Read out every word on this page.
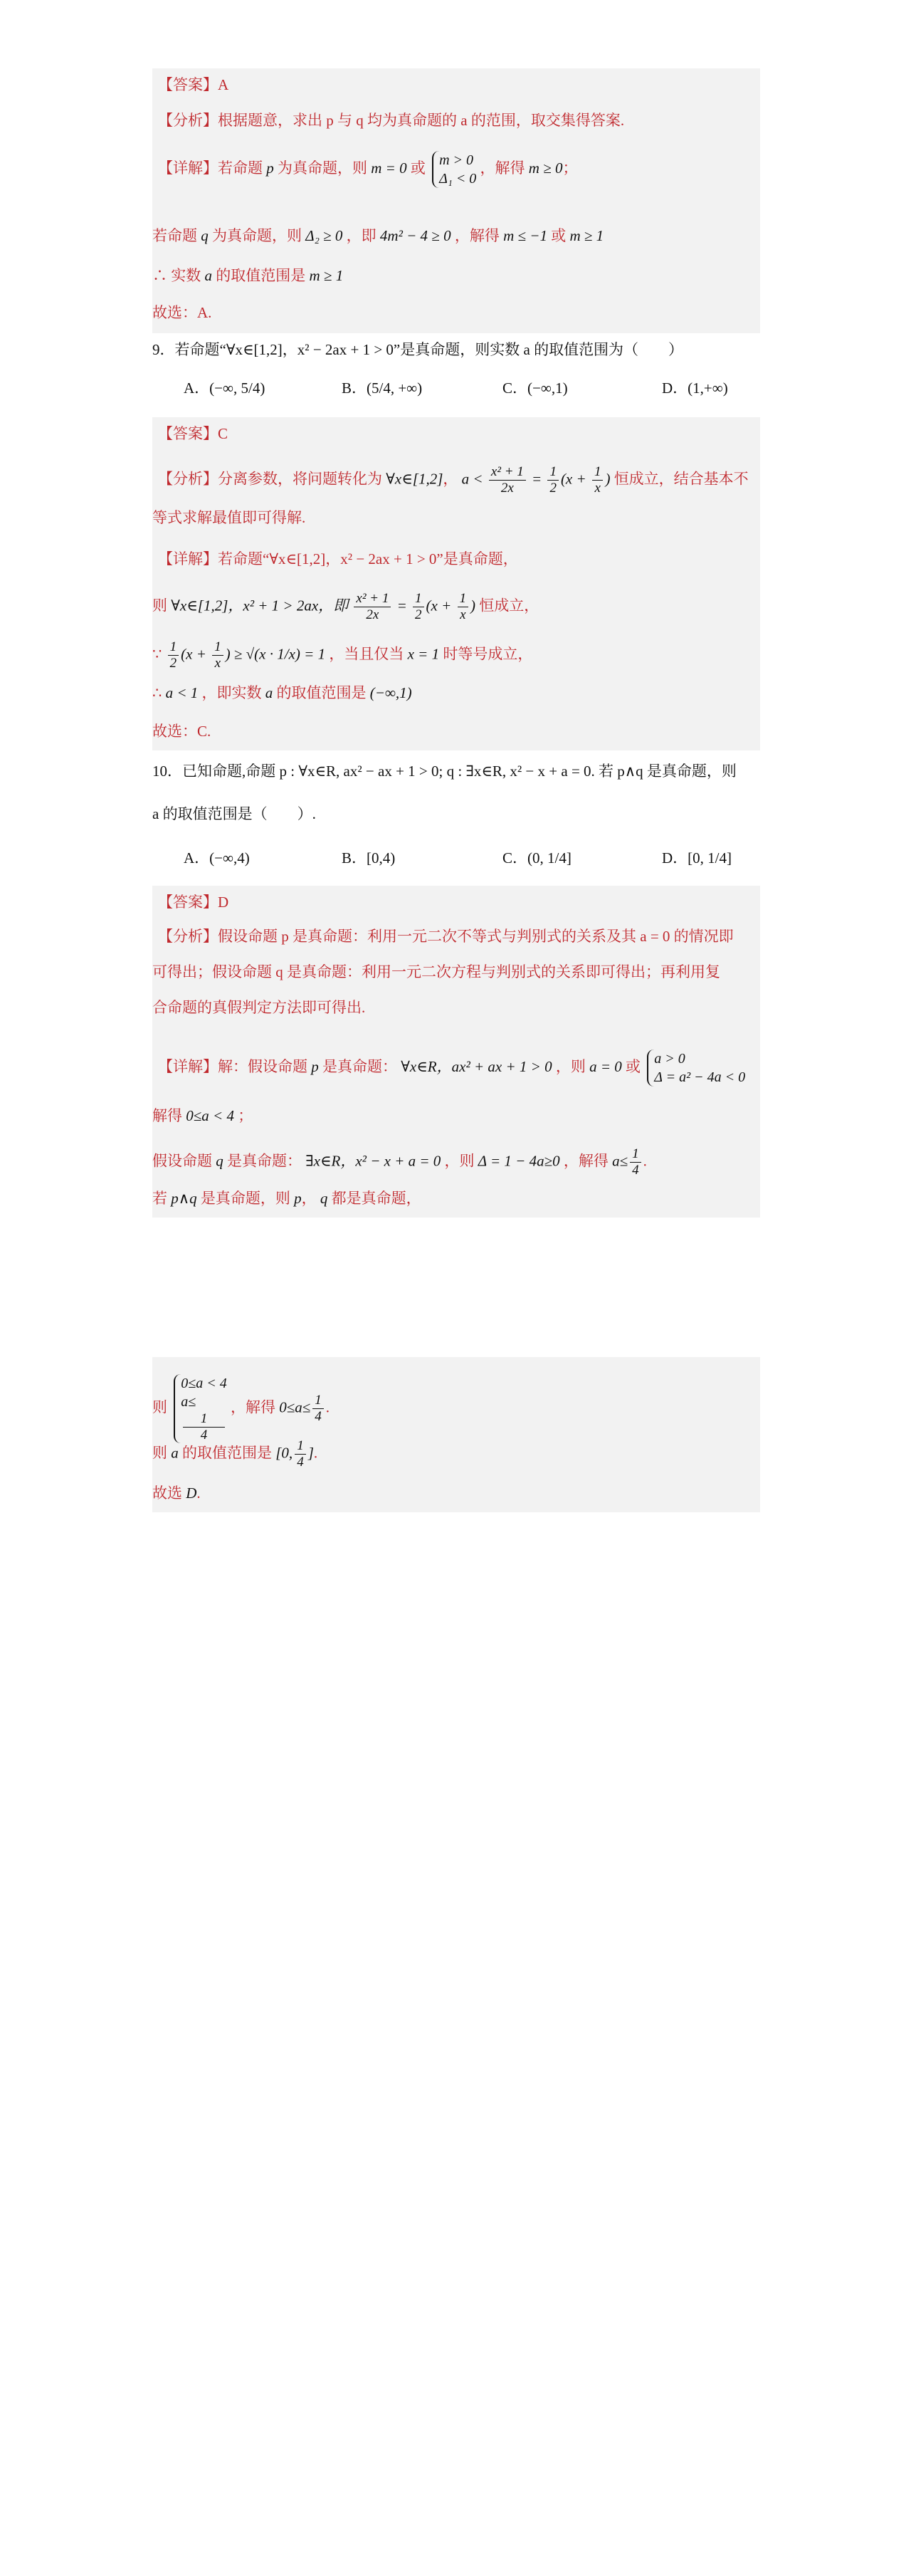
【答案】A
【分析】根据题意，求出 p 与 q 均为真命题的 a 的范围，取交集得答案.
【详解】若命题 p 为真命题，则 m = 0 或 m > 0
Δ₁ < 0
，解得 m ≥ 0；
若命题 q 为真命题，则 Δ₂ ≥ 0 ，即 4m² − 4 ≥ 0 ，解得 m ≤ −1 或 m ≥ 1
∴ 实数 a 的取值范围是 m ≥ 1
故选：A.
9．若命题“∀x∈[1,2]，x² − 2ax + 1 > 0”是真命题，则实数 a 的取值范围为（　　）
A．(−∞, 5/4)	B．(5/4, +∞)	C．(−∞,1)	D．(1,+∞)
【答案】C
【分析】分离参数，将问题转化为 ∀x∈[1,2]， $a < \frac{\text{x² + 1}}{2x} = \frac{1}{2} (x + \frac{1}{x}$ ) 恒成立，结合基本不
等式求解最值即可得解.
【详解】若命题“∀x∈[1,2]，x² − 2ax + 1 > 0”是真命题，
则 ∀x∈[1,2]，x² + 1 > 2ax，即 $\frac{\text{x² + 1}}{2x} = \frac{1}{2} (x + \frac{1}{x}$ ) 恒成立，
∵ $\frac{1}{2} (x + \frac{1}{x}$ ) ≥ √(x · 1/x) = 1 ，当且仅当 x = 1 时等号成立，
∴ a < 1 ，即实数 a 的取值范围是 (−∞,1)
故选：C.
10．已知命题,命题 p : ∀x∈R, ax² − ax + 1 > 0; q : ∃x∈R, x² − x + a = 0. 若 p∧q 是真命题，则
a 的取值范围是（　　）.
A．(−∞,4)	B．[0,4)	C．(0, 1/4]	D．[0, 1/4]
【答案】D
【分析】假设命题 p 是真命题：利用一元二次不等式与判别式的关系及其 a = 0 的情况即
可得出；假设命题 q 是真命题：利用一元二次方程与判别式的关系即可得出；再利用复
合命题的真假判定方法即可得出.
【详解】解：假设命题 p 是真命题： ∀x∈R，ax² + ax + 1 > 0 ，则 a = 0 或 a > 0
Δ = a² − 4a < 0
解得 0≤a < 4 ；
假设命题 q 是真命题： ∃x∈R，x² − x + a = 0 ，则 Δ = 1 − 4a≥0 ，解得 $a\le \frac{1}{4}$ .
若 p∧q 是真命题，则 p， q 都是真命题，
则
0≤a < 4
a≤
1
4
，解得 $0\le a\le \frac{1}{4}$ .
则 a 的取值范围是 [0, $\frac{1}{4}$ ].
故选 D.
